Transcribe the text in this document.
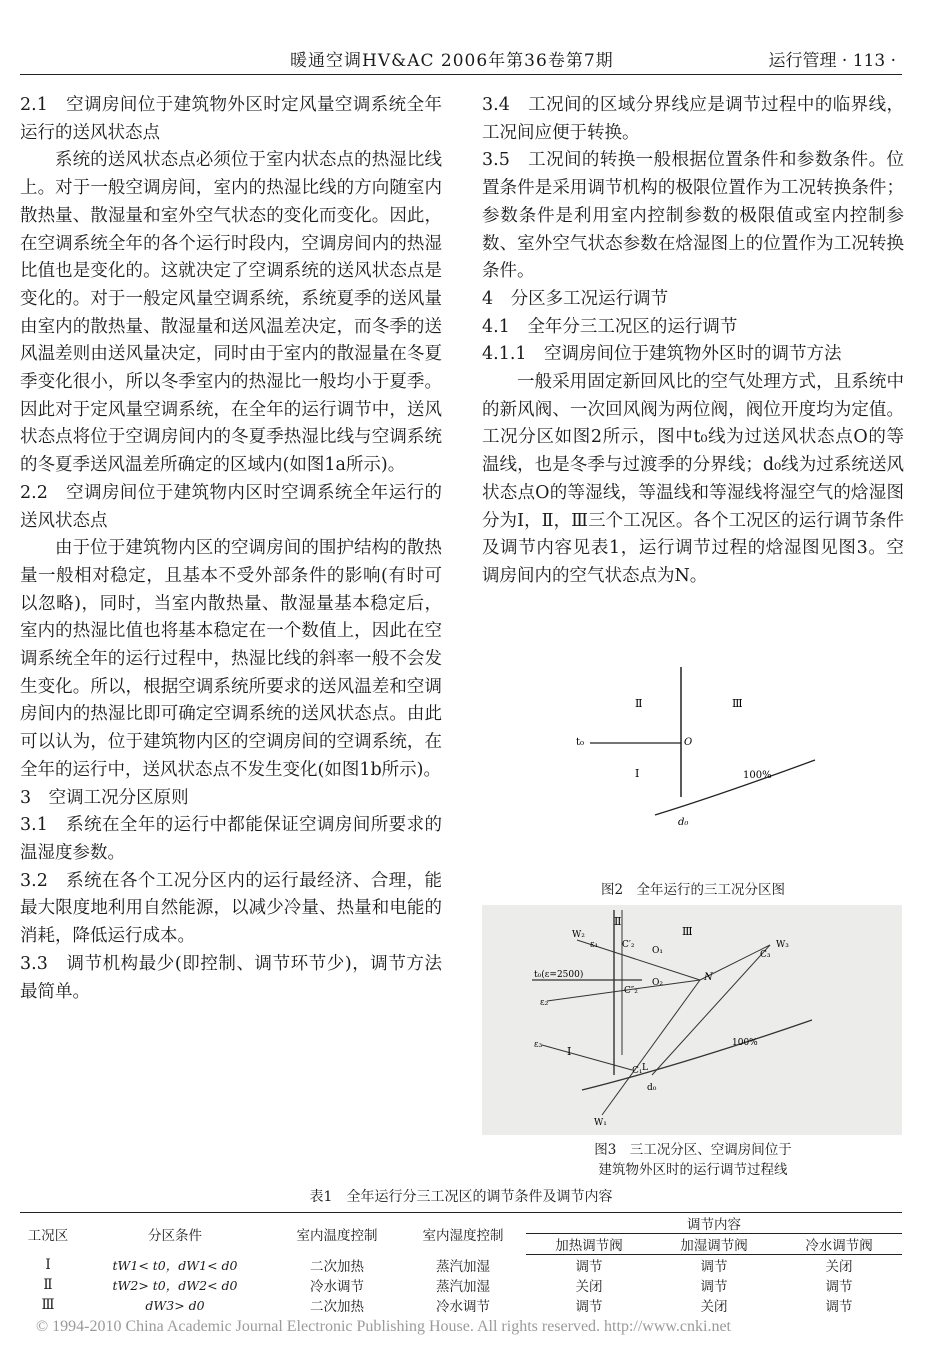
暖通空调HV&AC 2006年第36卷第7期	运行管理 · 113 ·

2.1　空调房间位于建筑物外区时定风量空调系统全年运行的送风状态点

系统的送风状态点必须位于室内状态点的热湿比线上。对于一般空调房间，室内的热湿比线的方向随室内散热量、散湿量和室外空气状态的变化而变化。因此，在空调系统全年的各个运行时段内，空调房间内的热湿比值也是变化的。这就决定了空调系统的送风状态点是变化的。对于一般定风量空调系统，系统夏季的送风量由室内的散热量、散湿量和送风温差决定，而冬季的送风温差则由送风量决定，同时由于室内的散湿量在冬夏季变化很小，所以冬季室内的热湿比一般均小于夏季。因此对于定风量空调系统，在全年的运行调节中，送风状态点将位于空调房间内的冬夏季热湿比线与空调系统的冬夏季送风温差所确定的区域内(如图1a所示)。

2.2　空调房间位于建筑物内区时空调系统全年运行的送风状态点

由于位于建筑物内区的空调房间的围护结构的散热量一般相对稳定，且基本不受外部条件的影响(有时可以忽略)，同时，当室内散热量、散湿量基本稳定后，室内的热湿比值也将基本稳定在一个数值上，因此在空调系统全年的运行过程中，热湿比线的斜率一般不会发生变化。所以，根据空调系统所要求的送风温差和空调房间内的热湿比即可确定空调系统的送风状态点。由此可以认为，位于建筑物内区的空调房间的空调系统，在全年的运行中，送风状态点不发生变化(如图1b所示)。

3　空调工况分区原则

3.1　系统在全年的运行中都能保证空调房间所要求的温湿度参数。

3.2　系统在各个工况分区内的运行最经济、合理，能最大限度地利用自然能源，以减少冷量、热量和电能的消耗，降低运行成本。

3.3　调节机构最少(即控制、调节环节少)，调节方法最简单。

3.4　工况间的区域分界线应是调节过程中的临界线，工况间应便于转换。

3.5　工况间的转换一般根据位置条件和参数条件。位置条件是采用调节机构的极限位置作为工况转换条件；参数条件是利用室内控制参数的极限值或室内控制参数、室外空气状态参数在焓湿图上的位置作为工况转换条件。

4　分区多工况运行调节

4.1　全年分三工况区的运行调节

4.1.1　空调房间位于建筑物外区时的调节方法

一般采用固定新回风比的空气处理方式，且系统中的新风阀、一次回风阀为两位阀，阀位开度均为定值。工况分区如图2所示，图中t₀线为过送风状态点O的等温线，也是冬季与过渡季的分界线；d₀线为过系统送风状态点O的等湿线，等温线和等湿线将湿空气的焓湿图分为Ⅰ，Ⅱ，Ⅲ三个工况区。各个工况区的运行调节条件及调节内容见表1，运行调节过程的焓湿图见图3。空调房间内的空气状态点为N。

Ⅱ	Ⅲ
Ⅰ
t₀	O
100%
d₀
图2　全年运行的三工况分区图
Ⅱ
Ⅲ
Ⅰ
W₂
W₃
W₁
ε₁
ε₂
ε₃
C′₂
C″₂
O₁
O₂	N
C₃
C₁ L
d₀
100%
t₀(ε=2500)
图3　三工况分区、空调房间位于
建筑物外区时的运行调节过程线
表1　全年运行分三工况区的调节条件及调节内容
工况区	分区条件	室内温度控制	室内湿度控制	调节内容		
				加热调节阀	加湿调节阀	冷水调节阀
Ⅰ	tW1< t0，dW1< d0	二次加热	蒸汽加湿	调节	调节	关闭
Ⅱ	tW2> t0，dW2< d0	冷水调节	蒸汽加湿	关闭	调节	调节
Ⅲ	dW3> d0	二次加热	冷水调节	调节	关闭	调节
© 1994-2010 China Academic Journal Electronic Publishing House. All rights reserved. http://www.cnki.net
